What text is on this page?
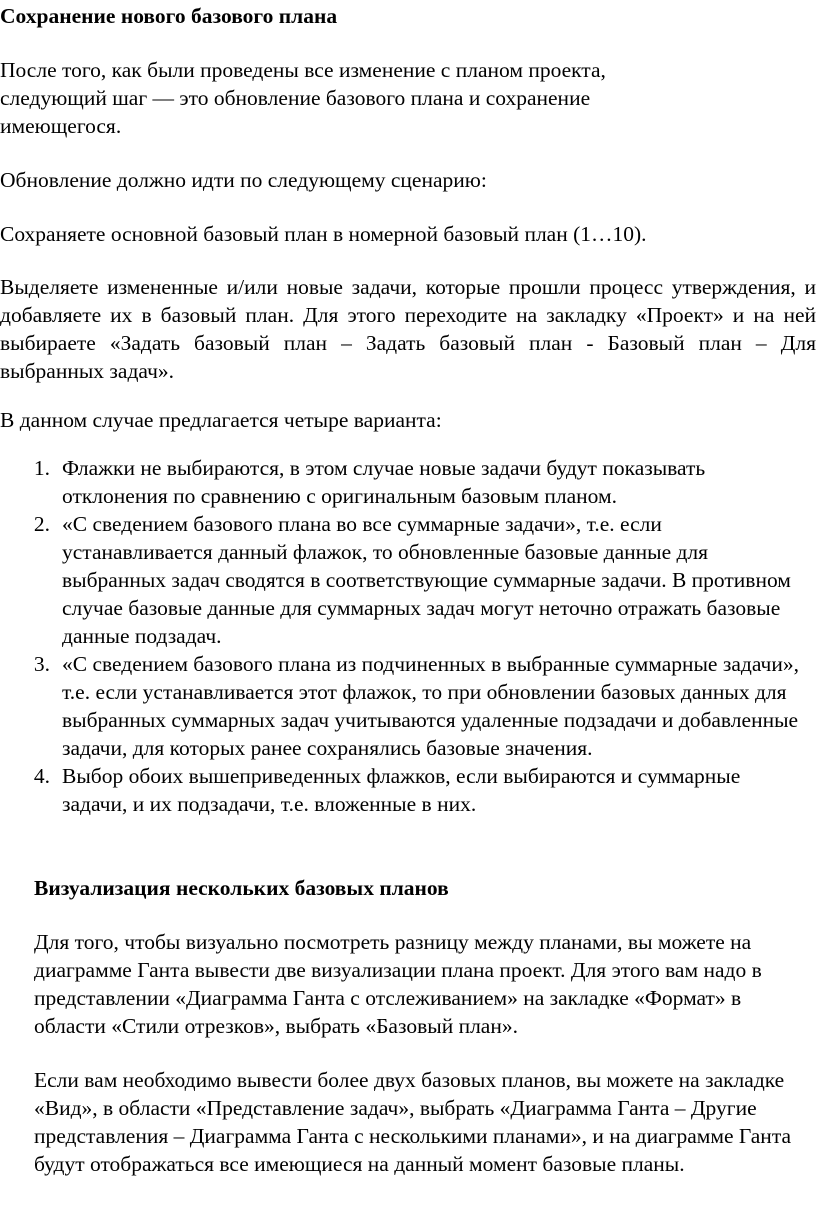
Сохранение нового базового плана

После того, как были проведены все изменение с планом проекта, следующий шаг — это обновление базового плана и сохранение имеющегося.

Обновление должно идти по следующему сценарию:

Сохраняете основной базовый план в номерной базовый план (1…10).

Выделяете измененные и/или новые задачи, которые прошли процесс утверждения, и добавляете их в базовый план. Для этого переходите на закладку «Проект» и на ней выбираете «Задать базовый план – Задать базовый план - Базовый план – Для выбранных задач».

В данном случае предлагается четыре варианта:

1. Флажки не выбираются, в этом случае новые задачи будут показывать отклонения по сравнению с оригинальным базовым планом.
2. «С сведением базового плана во все суммарные задачи», т.е. если устанавливается данный флажок, то обновленные базовые данные для выбранных задач сводятся в соответствующие суммарные задачи. В противном случае базовые данные для суммарных задач могут неточно отражать базовые данные подзадач.
3. «С сведением базового плана из подчиненных в выбранные суммарные задачи», т.е. если устанавливается этот флажок, то при обновлении базовых данных для выбранных суммарных задач учитываются удаленные подзадачи и добавленные задачи, для которых ранее сохранялись базовые значения.
4. Выбор обоих вышеприведенных флажков, если выбираются и суммарные задачи, и их подзадачи, т.е. вложенные в них.
Визуализация нескольких базовых планов

Для того, чтобы визуально посмотреть разницу между планами, вы можете на диаграмме Ганта вывести две визуализации плана проект. Для этого вам надо в представлении «Диаграмма Ганта с отслеживанием» на закладке «Формат» в области «Стили отрезков», выбрать «Базовый план».

Если вам необходимо вывести более двух базовых планов, вы можете на закладке «Вид», в области «Представление задач», выбрать «Диаграмма Ганта – Другие представления – Диаграмма Ганта с несколькими планами», и на диаграмме Ганта будут отображаться все имеющиеся на данный момент базовые планы.
